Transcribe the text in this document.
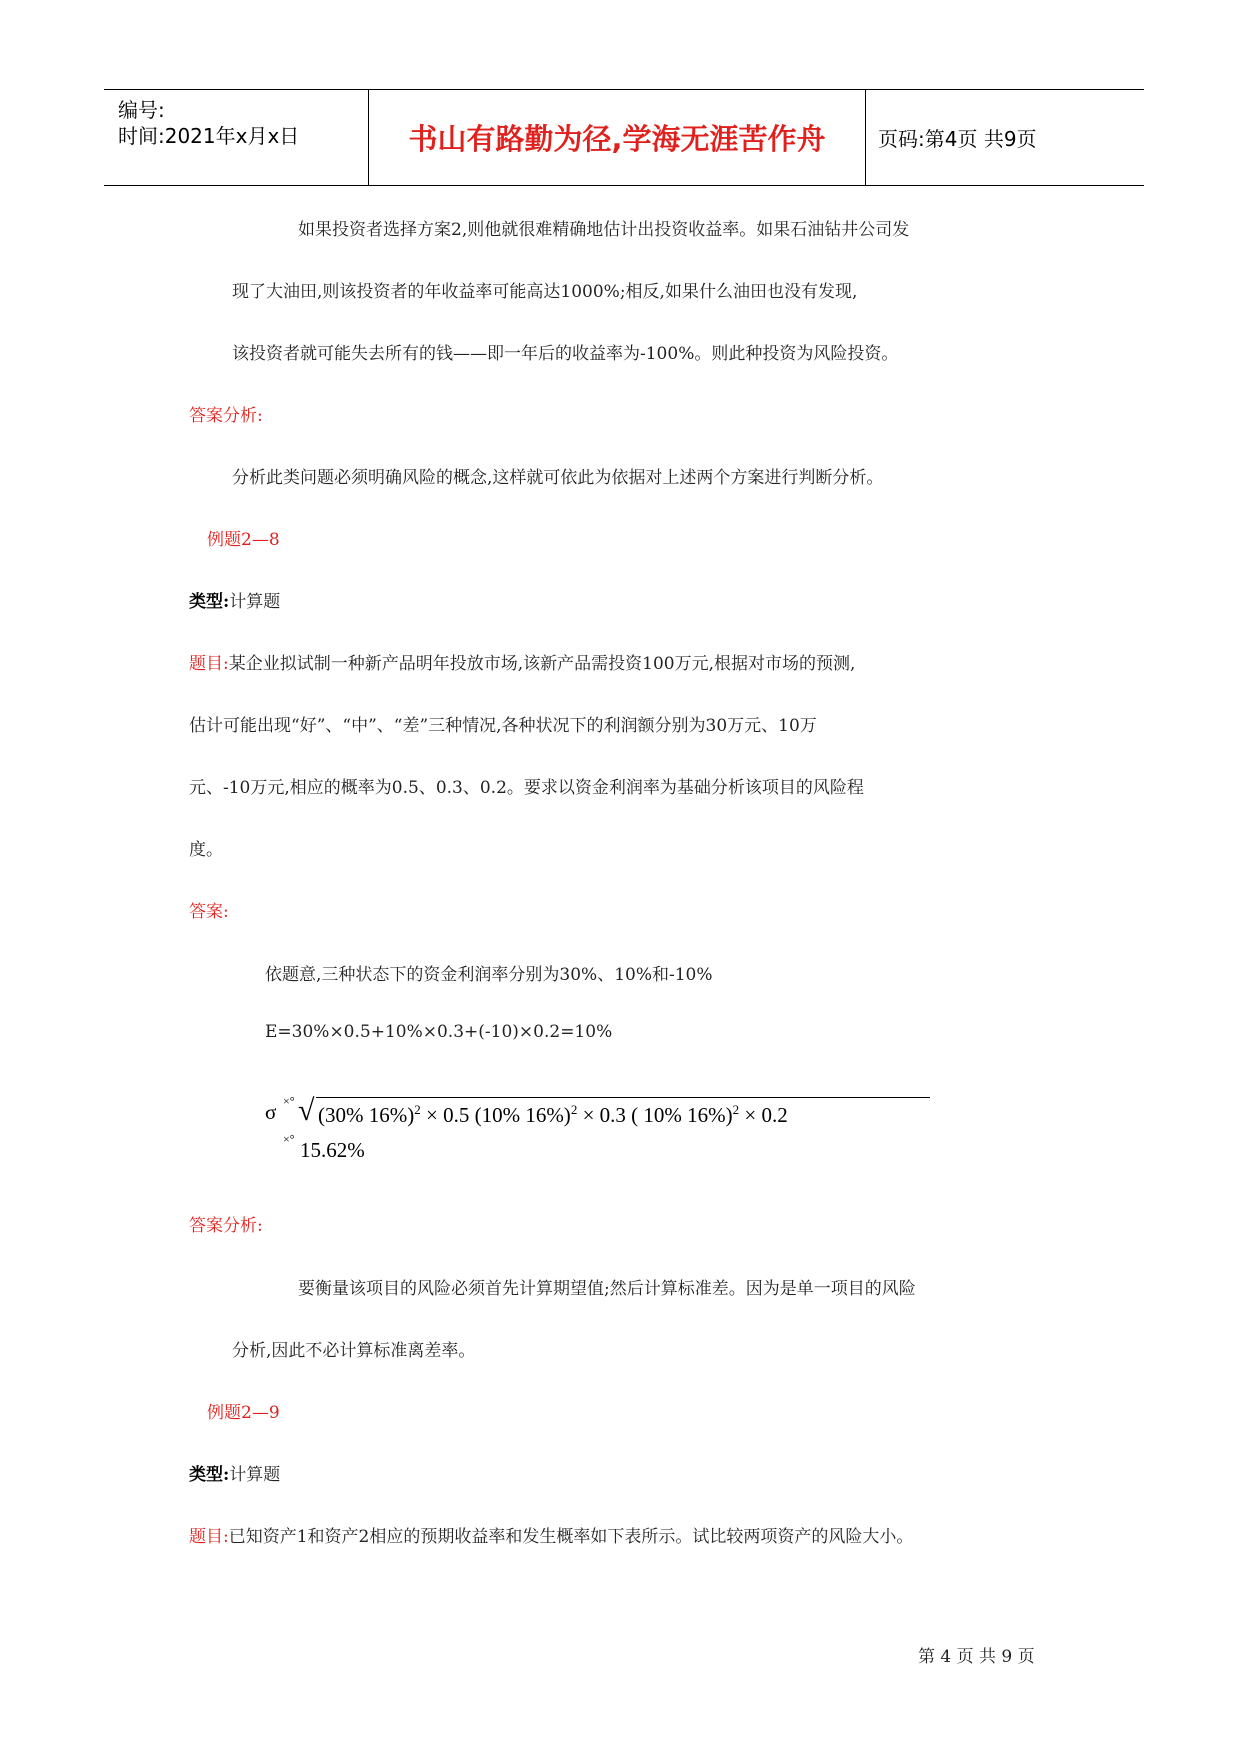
编号:
时间:2021年x月x日	书山有路勤为径,学海无涯苦作舟	页码:第4页 共9页
如果投资者选择方案2,则他就很难精确地估计出投资收益率。如果石油钻井公司发
现了大油田,则该投资者的年收益率可能高达1000%;相反,如果什么油田也没有发现,
该投资者就可能失去所有的钱——即一年后的收益率为-100%。则此种投资为风险投资。
答案分析:
分析此类问题必须明确风险的概念,这样就可依此为依据对上述两个方案进行判断分析。
例题2—8
类型:计算题
题目:某企业拟试制一种新产品明年投放市场,该新产品需投资100万元,根据对市场的预测,
估计可能出现“好”、“中”、“差”三种情况,各种状况下的利润额分别为30万元、10万
元、-10万元,相应的概率为0.5、0.3、0.2。要求以资金利润率为基础分析该项目的风险程
度。
答案:
依题意,三种状态下的资金利润率分别为30%、10%和-10%
E=30%×0.5+10%×0.3+(-10)×0.2=10%
σ ×° √ (30% 16%)$^2$ × 0.5 (10% 16%)$^2$ × 0.3 ( 10% 16%)$^2$ × 0.2
×° 15.62%
答案分析:
要衡量该项目的风险必须首先计算期望值;然后计算标准差。因为是单一项目的风险
分析,因此不必计算标准离差率。
例题2—9
类型:计算题
题目:已知资产1和资产2相应的预期收益率和发生概率如下表所示。试比较两项资产的风险大小。
第 4 页 共 9 页
